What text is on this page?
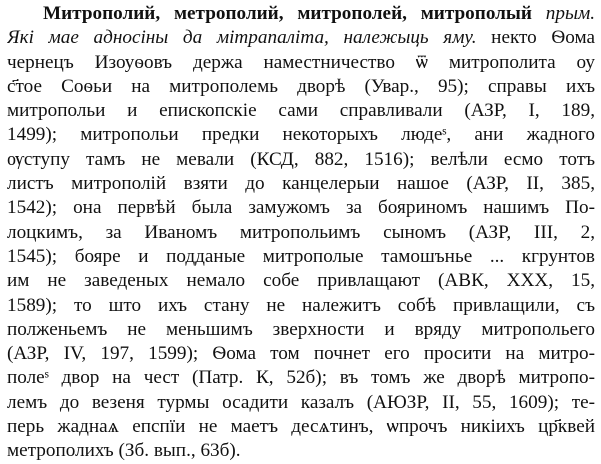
Митрополий, метрополий, митрополей, митрополый прым.
Які мае адносіны да мітрапаліта, належыць яму. некто Ѳома
чернецъ Изоуѳовъ держа наместничество ѿ митрополита оу
с҃тое Соѳьи на митрополемь дворѣ (Увар., 95); справы ихъ
митропольи и епископскіе сами справливали (АЗР, І, 189,
1499); митропольи предки некоторыхъ людеˢ, ани жадного
ѹступу тамъ не мевали (КСД, 882, 1516); велѣли есмо тотъ
листъ митрополій взяти до канцелерыи нашое (АЗР, ІІ, 385,
1542); она первѣй была замужомъ за бояриномъ нашимъ По-
лоцкимъ, за Иваномъ митропольимъ сыномъ (АЗР, ІІІ, 2,
1545); бояре и подданые митрополые тамошънье ... кгрунтов
им не заведеных немало собе привлащают (АВК, ХХХ, 15,
1589); то што ихъ стану не належитъ собѣ привлащили, съ
полженьемъ не меньшимъ зверхности и вряду митропольего
(АЗР, ІV, 197, 1599); Ѳома том почнет его просити на митро-
полеˢ двор на чест (Патр. К, 52б); въ томъ же дворѣ митропо-
лемъ до везеня турмы осадити казалъ (АЮЗР, ІІ, 55, 1609); те-
перь жаднаѧ епспїи не маетъ десѧтинъ, ѡпрочъ никіихъ цр҃квей
метрополихъ (Зб. вып., 63б).
